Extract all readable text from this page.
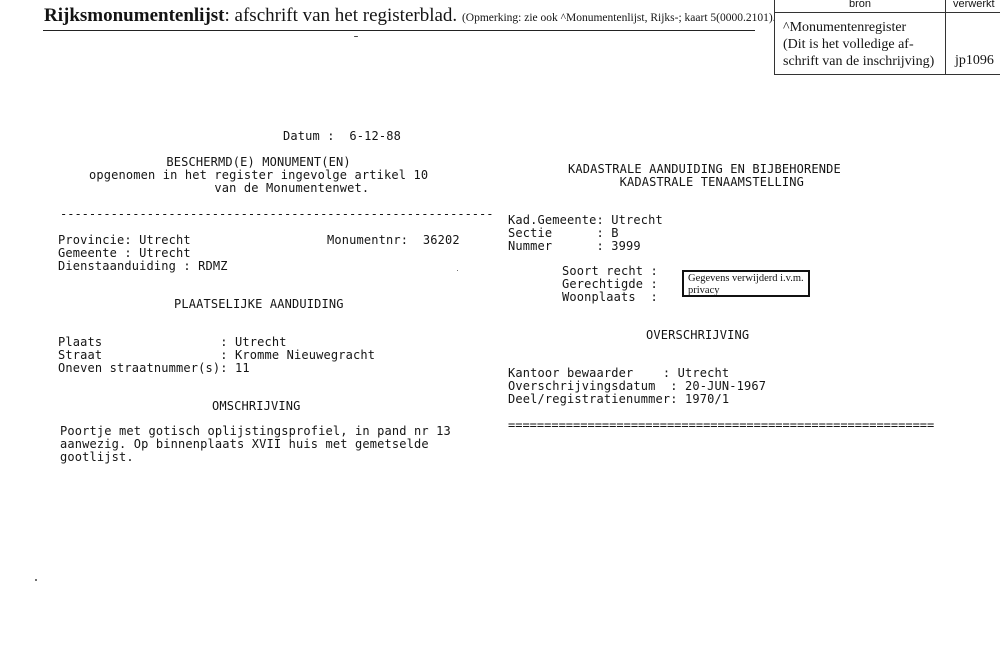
Rijksmonumentenlijst: afschrift van het registerblad. (Opmerking: zie ook ^Monumentenlijst, Rijks-; kaart 5(0000.2101).
bron	verwerkt
^Monumentenregister
(Dit is het volledige af-
schrift van de inschrijving) jp1096
Datum :  6-12-88
BESCHERMD(E) MONUMENT(EN)
opgenomen in het register ingevolge artikel 10
van de Monumentenwet.
------------------------------------------------------------
Provincie: Utrecht	Monumentnr:  36202
Gemeente : Utrecht
Dienstaanduiding : RDMZ
PLAATSELIJKE AANDUIDING
Plaats                : Utrecht
Straat                : Kromme Nieuwegracht
Oneven straatnummer(s): 11
OMSCHRIJVING
Poortje met gotisch oplijstingsprofiel, in pand nr 13
aanwezig. Op binnenplaats XVII huis met gemetselde
gootlijst.
KADASTRALE AANDUIDING EN BIJBEHORENDE
KADASTRALE TENAAMSTELLING
Kad.Gemeente: Utrecht
Sectie      : B
Nummer      : 3999
Soort recht :
Gerechtigde :
Woonplaats  :
Gegevens verwijderd i.v.m. privacy
OVERSCHRIJVING
Kantoor bewaarder    : Utrecht
Overschrijvingsdatum  : 20-JUN-1967
Deel/registratienummer: 1970/1
===========================================================
